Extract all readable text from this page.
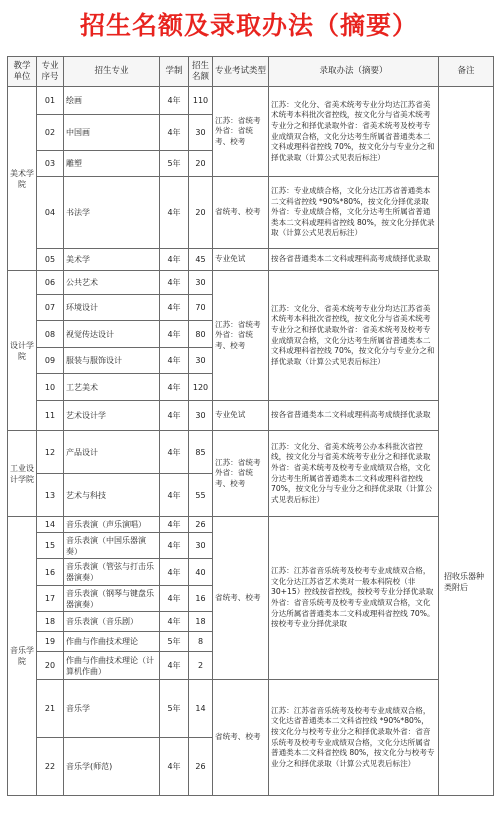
招生名额及录取办法（摘要）
教学单位	专业序号	招生专业	学制	招生名额	专业考试类型	录取办法（摘要）	备注
美术学院	01	绘画	4年	110	江苏：省统考外省：省统考、校考	江苏：文化分、省美术统考专业分均达江苏省美术统考本科批次省控线，按文化分与省美术统考专业分之和择优录取外省：省美术统考及校考专业成绩双合格，文化分达考生所属省普通类本二文科或理科省控线 70%，按文化分与专业分之和择优录取（计算公式见表后标注）	
	02	中国画	4年	30			
	03	雕塑	5年	20			
	04	书法学	4年	20	省统考、校考	江苏：专业成绩合格，文化分达江苏省普通类本二文科省控线 *90%*80%，按文化分择优录取外省：专业成绩合格，文化分达考生所属省普通类本二文科或理科省控线 80%，按文化分择优录取（计算公式见表后标注）	
	05	美术学	4年	45	专业免试	按各省普通类本二文科或理科高考成绩择优录取	
设计学院	06	公共艺术	4年	30	江苏：省统考外省：省统考、校考	江苏：文化分、省美术统考专业分均达江苏省美术统考本科批次省控线，按文化分与省美术统考专业分之和择优录取外省：省美术统考及校考专业成绩双合格，文化分达考生所属省普通类本二文科或理科省控线 70%，按文化分与专业分之和择优录取（计算公式见表后标注）	
	07	环境设计	4年	70			
	08	视觉传达设计	4年	80			
	09	服装与服饰设计	4年	30			
	10	工艺美术	4年	120			
	11	艺术设计学	4年	30	专业免试	按各省普通类本二文科或理科高考成绩择优录取	
工业设计学院	12	产品设计	4年	85	江苏：省统考外省：省统考、校考	江苏：文化分、省美术统考公办本科批次省控线，按文化分与省美术统考专业分之和择优录取外省：省美术统考及校考专业成绩双合格，文化分达考生所属省普通类本二文科或理科省控线 70%，按文化分与专业分之和择优录取（计算公式见表后标注）	
	13	艺术与科技	4年	55			
音乐学院	14	音乐表演（声乐演唱）	4年	26	省统考、校考	江苏：江苏省音乐统考及校考专业成绩双合格，文化分达江苏省艺术类对一般本科院校（非 30+15）控线按省控线，按校考专业分择优录取外省：省音乐统考及校考专业成绩双合格，文化分达所属省普通类本二文科或理科省控线 70%。按校考专业分择优录取	
	15	音乐表演（中国乐器演奏）	4年	30			
	16	音乐表演（管弦与打击乐器演奏）	4年	40			
	17	音乐表演（钢琴与键盘乐器演奏）	4年	16			
	18	音乐表演（音乐剧）	4年	18			
	19	作曲与作曲技术理论	5年	8			
	20	作曲与作曲技术理论（计算机作曲）	4年	2			
	21	音乐学	5年	14	省统考、校考	江苏：江苏省音乐统考及校考专业成绩双合格，文化达省普通类本二文科省控线 *90%*80%，按文化分与校考专业分之和择优录取外省：省音乐统考及校考专业成绩双合格，文化分达所属省普通类本二文科省控线 80%，按文化分与校考专业分之和择优录取（计算公式见表后标注）	
	22	音乐学(师范)	4年	26			
招收乐器种类附后
